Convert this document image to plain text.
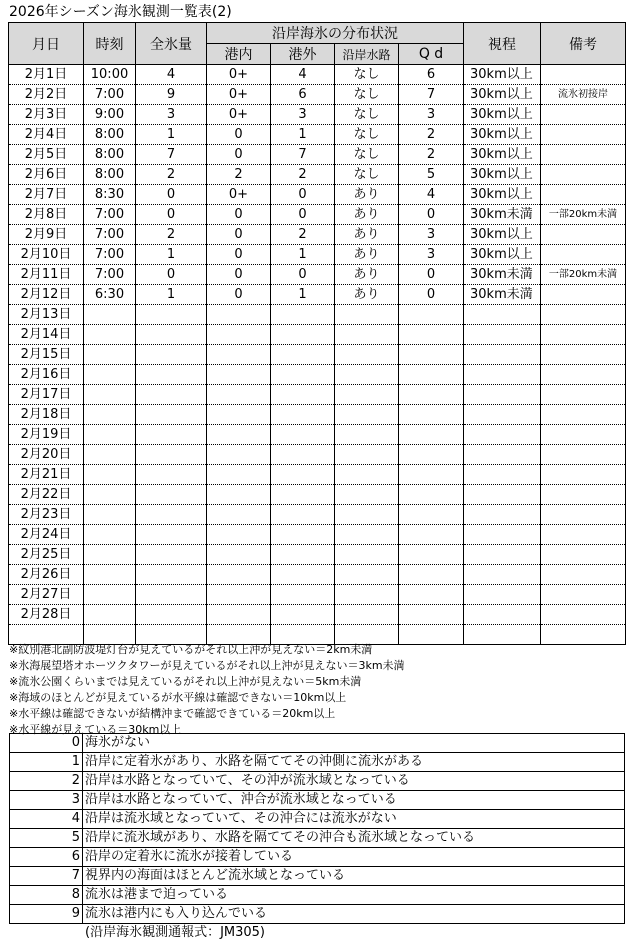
2026年シーズン海氷観測一覧表(2)
月日	時刻	全氷量	沿岸海氷の分布状況				視程	備考
			港内	港外	沿岸水路	Q d		
2月1日	10:00	4	0+	4	なし	6	30km以上	
2月2日	7:00	9	0+	6	なし	7	30km以上	流氷初接岸
2月3日	9:00	3	0+	3	なし	3	30km以上	
2月4日	8:00	1	0	1	なし	2	30km以上	
2月5日	8:00	7	0	7	なし	2	30km以上	
2月6日	8:00	2	2	2	なし	5	30km以上	
2月7日	8:30	0	0+	0	あり	4	30km以上	
2月8日	7:00	0	0	0	あり	0	30km未満	一部20km未満
2月9日	7:00	2	0	2	あり	3	30km以上	
2月10日	7:00	1	0	1	あり	3	30km以上	
2月11日	7:00	0	0	0	あり	0	30km未満	一部20km未満
2月12日	6:30	1	0	1	あり	0	30km未満	
2月13日								
2月14日								
2月15日								
2月16日								
2月17日								
2月18日								
2月19日								
2月20日								
2月21日								
2月22日								
2月23日								
2月24日								
2月25日								
2月26日								
2月27日								
2月28日								

※紋別港北副防波堤灯台が見えているがそれ以上沖が見えない＝2km未満
※氷海展望塔オホーツクタワーが見えているがそれ以上沖が見えない＝3km未満
※流氷公園くらいまでは見えているがそれ以上沖が見えない＝5km未満
※海域のほとんどが見えているが水平線は確認できない＝10km以上
※水平線は確認できないが結構沖まで確認できている＝20km以上
※水平線が見えている＝30km以上
0	海氷がない
1	沿岸に定着氷があり、水路を隔ててその沖側に流氷がある
2	沿岸は水路となっていて、その沖が流氷域となっている
3	沿岸は水路となっていて、沖合が流氷域となっている
4	沿岸は流氷域となっていて、その沖合には流氷がない
5	沿岸に流氷域があり、水路を隔ててその沖合も流氷域となっている
6	沿岸の定着氷に流氷が接着している
7	視界内の海面はほとんど流氷域となっている
8	流氷は港まで迫っている
9	流氷は港内にも入り込んでいる
(沿岸海氷観測通報式：JM305)
